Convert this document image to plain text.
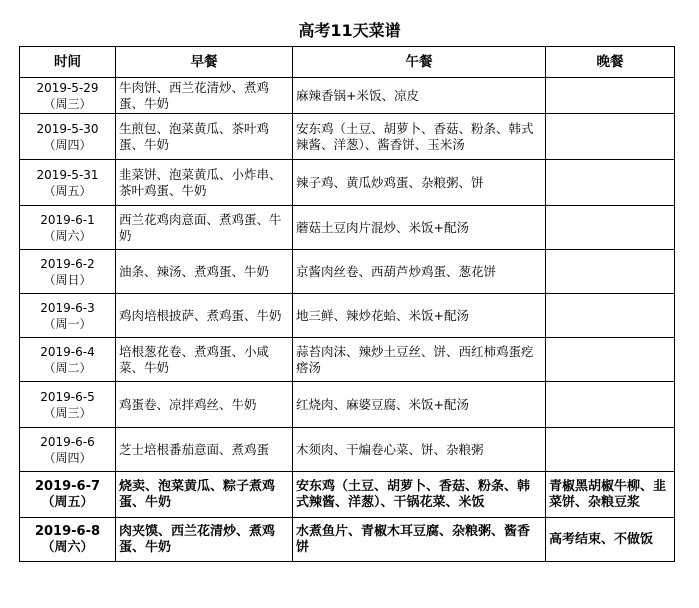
高考11天菜谱
时间	早餐	午餐	晚餐

2019-5-29
（周三）	牛肉饼、西兰花清炒、煮鸡蛋、牛奶	麻辣香锅+米饭、凉皮	

2019-5-30
（周四）	生煎包、泡菜黄瓜、茶叶鸡蛋、牛奶	安东鸡（土豆、胡萝卜、香菇、粉条、韩式辣酱、洋葱）、酱香饼、玉米汤	

2019-5-31
（周五）	韭菜饼、泡菜黄瓜、小炸串、茶叶鸡蛋、牛奶	辣子鸡、黄瓜炒鸡蛋、杂粮粥、饼	

2019-6-1
（周六）	西兰花鸡肉意面、煮鸡蛋、牛奶	蘑菇土豆肉片混炒、米饭+配汤	

2019-6-2
（周日）	油条、辣汤、煮鸡蛋、牛奶	京酱肉丝卷、西葫芦炒鸡蛋、葱花饼	

2019-6-3
（周一）	鸡肉培根披萨、煮鸡蛋、牛奶	地三鲜、辣炒花蛤、米饭+配汤	

2019-6-4
（周二）	培根葱花卷、煮鸡蛋、小咸菜、牛奶	蒜苔肉沫、辣炒土豆丝、饼、西红柿鸡蛋疙瘩汤	

2019-6-5
（周三）	鸡蛋卷、凉拌鸡丝、牛奶	红烧肉、麻婆豆腐、米饭+配汤	

2019-6-6
（周四）	芝士培根番茄意面、煮鸡蛋	木须肉、干煸卷心菜、饼、杂粮粥	

2019-6-7
（周五）	烧卖、泡菜黄瓜、粽子煮鸡蛋、牛奶	安东鸡（土豆、胡萝卜、香菇、粉条、韩式辣酱、洋葱）、干锅花菜、米饭	青椒黑胡椒牛柳、韭菜饼、杂粮豆浆

2019-6-8
（周六）	肉夹馍、西兰花清炒、煮鸡蛋、牛奶	水煮鱼片、青椒木耳豆腐、杂粮粥、酱香饼	高考结束、不做饭
